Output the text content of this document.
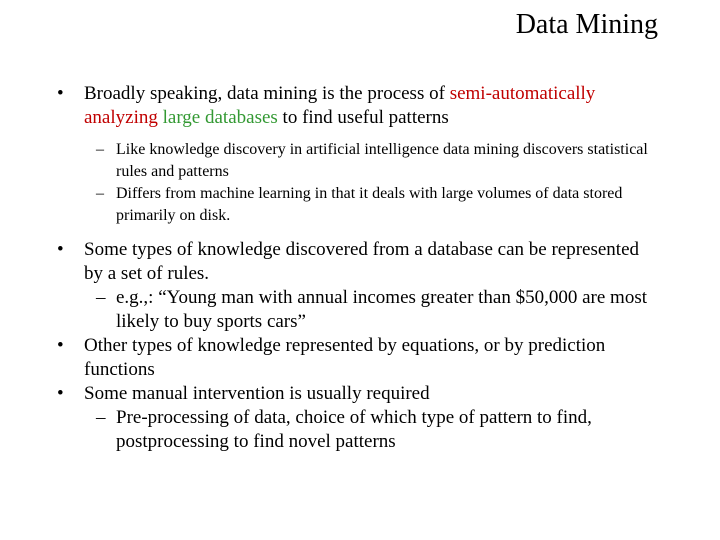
Data Mining
• Broadly speaking, data mining is the process of semi-automatically analyzing large databases to find useful patterns
– Like knowledge discovery in artificial intelligence data mining discovers statistical rules and patterns
– Differs from machine learning in that it deals with large volumes of data stored primarily on disk.
• Some types of knowledge discovered from a database can be represented by a set of rules.
– e.g.,: “Young man with annual incomes greater than $50,000 are most likely to buy sports cars”
• Other types of knowledge represented by equations, or by prediction functions
• Some manual intervention is usually required
– Pre-processing of data, choice of which type of pattern to find, postprocessing to find novel patterns
